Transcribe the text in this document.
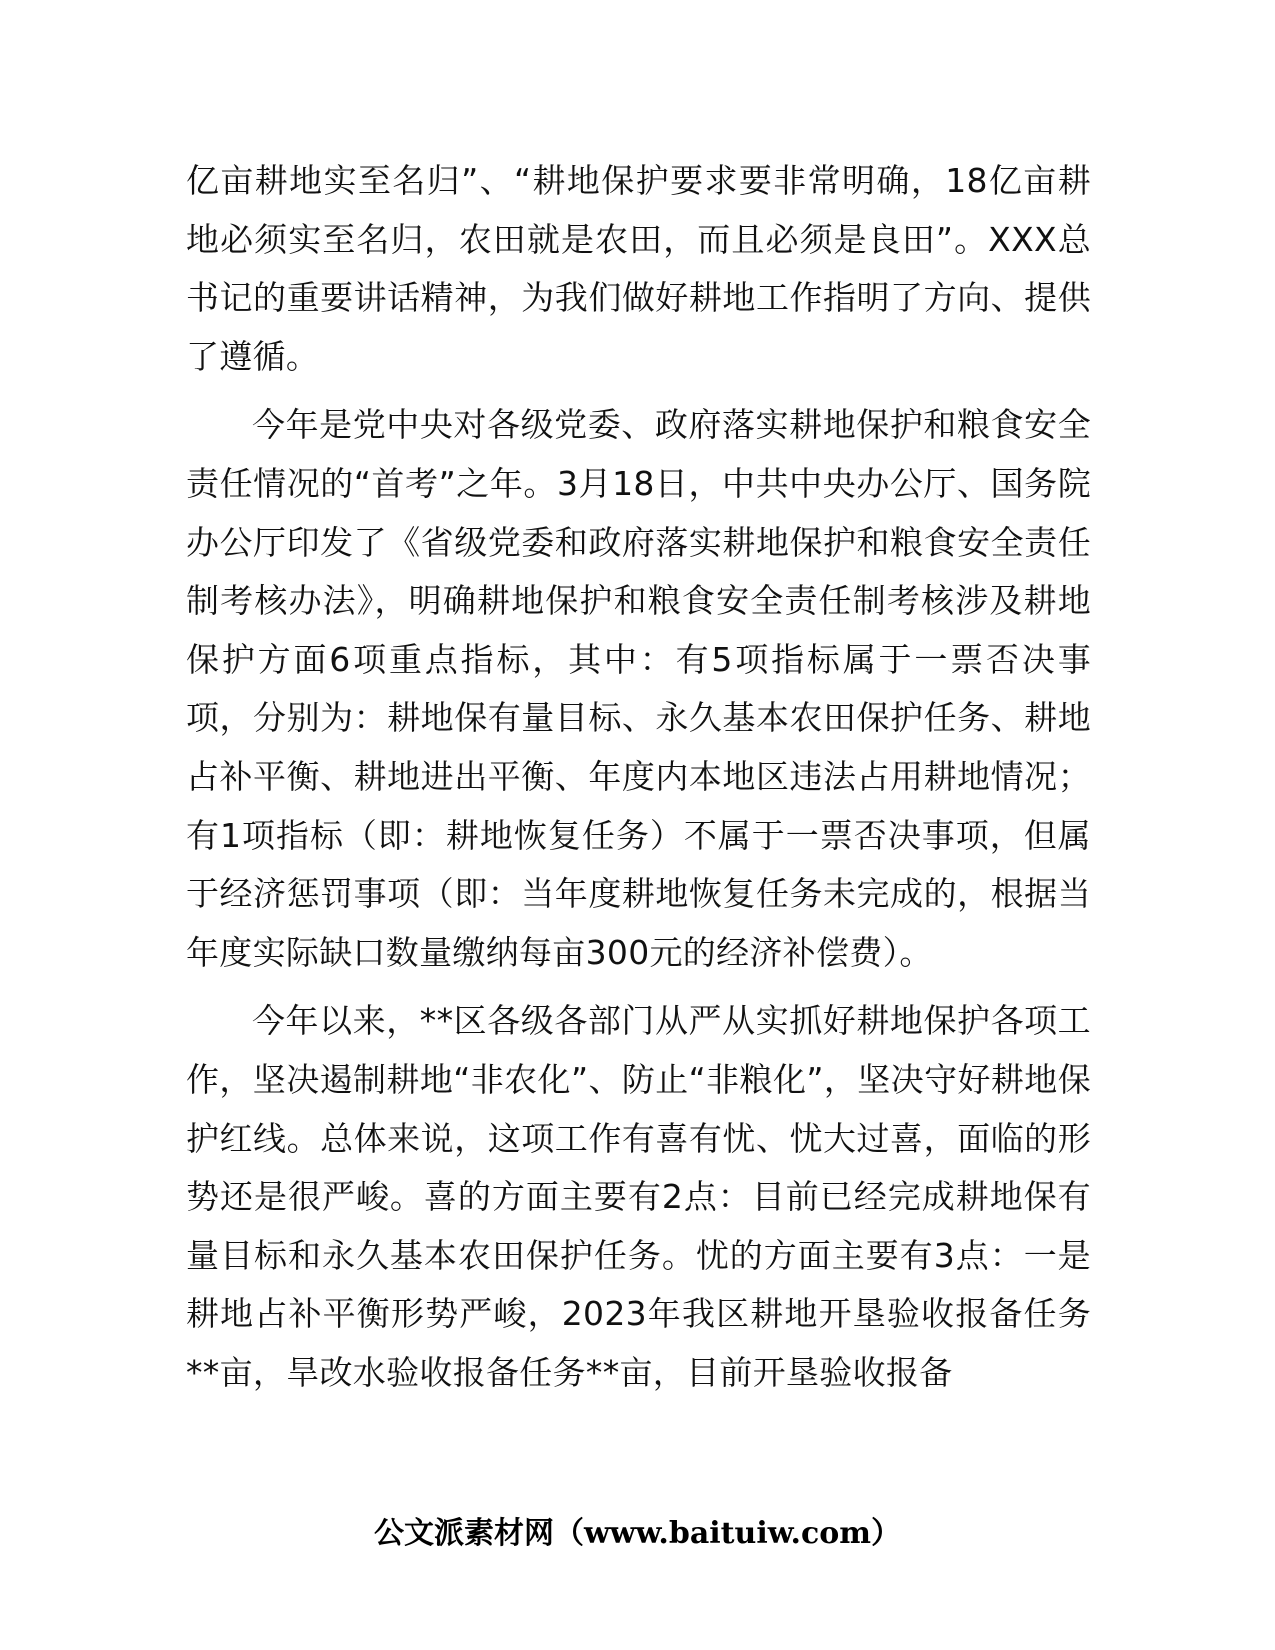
亿亩耕地实至名归”、“耕地保护要求要非常明确，18亿亩耕地必须实至名归，农田就是农田，而且必须是良田”。XXX总书记的重要讲话精神，为我们做好耕地工作指明了方向、提供了遵循。

今年是党中央对各级党委、政府落实耕地保护和粮食安全责任情况的“首考”之年。3月18日，中共中央办公厅、国务院办公厅印发了《省级党委和政府落实耕地保护和粮食安全责任制考核办法》，明确耕地保护和粮食安全责任制考核涉及耕地保护方面6项重点指标，其中：有5项指标属于一票否决事项，分别为：耕地保有量目标、永久基本农田保护任务、耕地占补平衡、耕地进出平衡、年度内本地区违法占用耕地情况；有1项指标（即：耕地恢复任务）不属于一票否决事项，但属于经济惩罚事项（即：当年度耕地恢复任务未完成的，根据当年度实际缺口数量缴纳每亩300元的经济补偿费）。

今年以来，**区各级各部门从严从实抓好耕地保护各项工作，坚决遏制耕地“非农化”、防止“非粮化”，坚决守好耕地保护红线。总体来说，这项工作有喜有忧、忧大过喜，面临的形势还是很严峻。喜的方面主要有2点：目前已经完成耕地保有量目标和永久基本农田保护任务。忧的方面主要有3点：一是耕地占补平衡形势严峻，2023年我区耕地开垦验收报备任务**亩，旱改水验收报备任务**亩，目前开垦验收报备

公文派素材网（www.baituiw.com）
